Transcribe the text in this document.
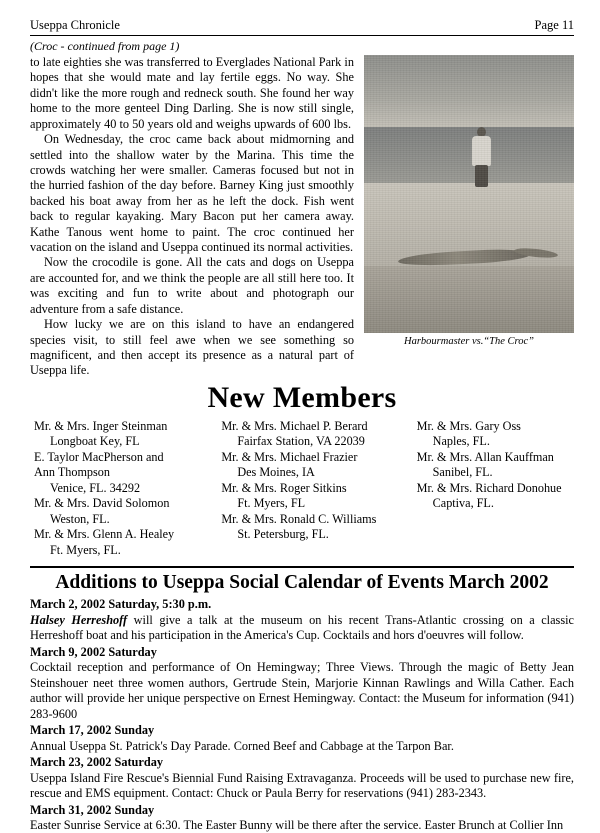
Useppa Chronicle	Page 11
(Croc - continued from page 1)

to late eighties she was transferred to Everglades National Park in hopes that she would mate and lay fertile eggs. No way. She didn't like the more rough and redneck south. She found her way home to the more genteel Ding Darling. She is now still single, approximately 40 to 50 years old and weighs upwards of 600 lbs.

On Wednesday, the croc came back about midmorning and settled into the shallow water by the Marina. This time the crowds watching her were smaller. Cameras focused but not in the hurried fashion of the day before. Barney King just smoothly backed his boat away from her as he left the dock. Fish went back to regular kayaking. Mary Bacon put her camera away. Kathe Tanous went home to paint. The croc continued her vacation on the island and Useppa continued its normal activities.

Now the crocodile is gone. All the cats and dogs on Useppa are accounted for, and we think the people are all still here too. It was exciting and fun to write about and photograph our adventure from a safe distance.

How lucky we are on this island to have an endangered species visit, to still feel awe when we see something so magnificent, and then accept its presence as a natural part of Useppa life.

Harbourmaster vs.“The Croc”
New Members
Mr. & Mrs. Inger Steinman
Longboat Key, FL
E. Taylor MacPherson and
Ann Thompson
Venice, FL. 34292
Mr. & Mrs. David Solomon
Weston, FL.
Mr. & Mrs. Glenn A. Healey
Ft. Myers, FL.
Mr. & Mrs. Michael P. Berard
Fairfax Station, VA 22039
Mr. & Mrs. Michael Frazier
Des Moines, IA
Mr. & Mrs. Roger Sitkins
Ft. Myers, FL
Mr. & Mrs. Ronald C. Williams
St. Petersburg, FL.
Mr. & Mrs. Gary Oss
Naples, FL.
Mr. & Mrs. Allan Kauffman
Sanibel, FL.
Mr. & Mrs. Richard Donohue
Captiva, FL.
Additions to Useppa Social Calendar of Events March 2002
March 2, 2002 Saturday, 5:30 p.m.
Halsey Herreshoff will give a talk at the museum on his recent Trans-Atlantic crossing on a classic Herreshoff boat and his participation in the America's Cup. Cocktails and hors d'oeuvres will follow.
March 9, 2002 Saturday
Cocktail reception and performance of On Hemingway; Three Views. Through the magic of Betty Jean Steinshouer neet three women authors, Gertrude Stein, Marjorie Kinnan Rawlings and Willa Cather. Each author will provide her unique perspective on Ernest Hemingway. Contact: the Museum for information (941) 283-9600
March 17, 2002 Sunday
Annual Useppa St. Patrick's Day Parade. Corned Beef and Cabbage at the Tarpon Bar.
March 23, 2002 Saturday
Useppa Island Fire Rescue's Biennial Fund Raising Extravaganza. Proceeds will be used to purchase new fire, rescue and EMS equipment. Contact: Chuck or Paula Berry for reservations (941) 283-2343.
March 31, 2002 Sunday
Easter Sunrise Service at 6:30. The Easter Bunny will be there after the service. Easter Brunch at Collier Inn
